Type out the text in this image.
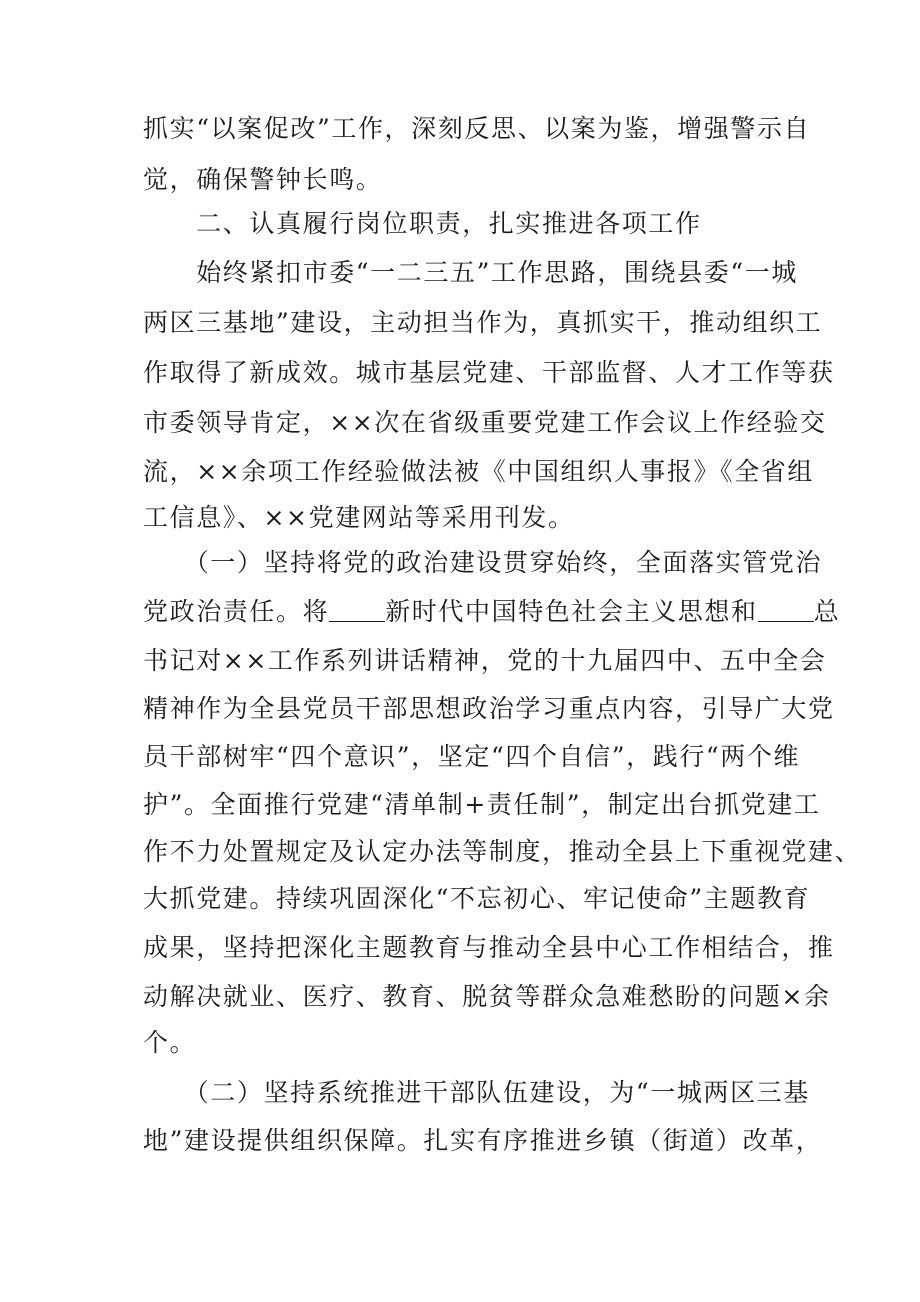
抓实“以案促改”工作，深刻反思、以案为鉴，增强警示自
觉，确保警钟长鸣。
　　二、认真履行岗位职责，扎实推进各项工作
　　始终紧扣市委“一二三五”工作思路，围绕县委“一城
两区三基地”建设，主动担当作为，真抓实干，推动组织工
作取得了新成效。城市基层党建、干部监督、人才工作等获
市委领导肯定，××次在省级重要党建工作会议上作经验交
流，××余项工作经验做法被《中国组织人事报》《全省组
工信息》、××党建网站等采用刊发。
　　（一）坚持将党的政治建设贯穿始终，全面落实管党治
党政治责任。将 新时代中国特色社会主义思想和 总
书记对××工作系列讲话精神，党的十九届四中、五中全会
精神作为全县党员干部思想政治学习重点内容，引导广大党
员干部树牢“四个意识”，坚定“四个自信”，践行“两个维
护”。全面推行党建“清单制+责任制”，制定出台抓党建工
作不力处置规定及认定办法等制度，推动全县上下重视党建、
大抓党建。持续巩固深化“不忘初心、牢记使命”主题教育
成果，坚持把深化主题教育与推动全县中心工作相结合，推
动解决就业、医疗、教育、脱贫等群众急难愁盼的问题×余
个。
　　（二）坚持系统推进干部队伍建设，为“一城两区三基
地”建设提供组织保障。扎实有序推进乡镇（街道）改革，
